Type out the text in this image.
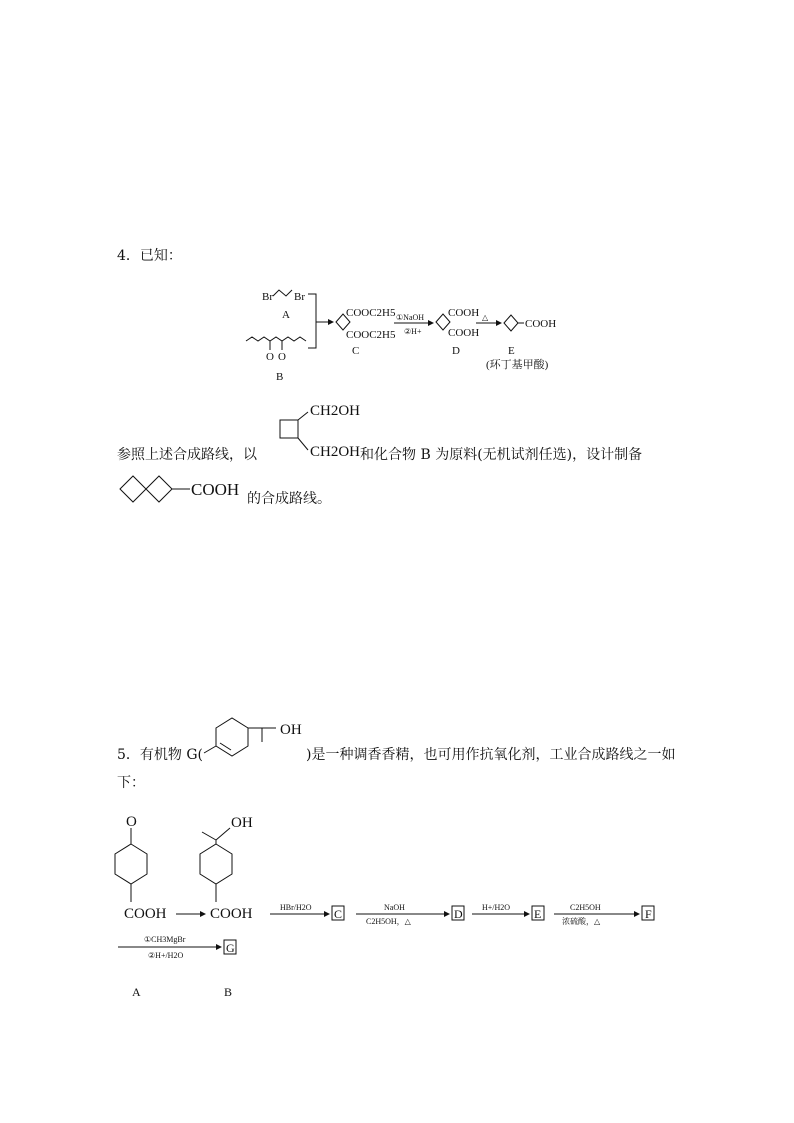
4．已知：
Br Br
A
O O
B
COOC2H5
COOC2H5
C
①NaOH
②H+
COOH
COOH
D
△
COOH
E
(环丁基甲酸)
CH2OH
CH2OH
参照上述合成路线，以	和化合物 B 为原料(无机试剂任选)，设计制备
COOH 的合成路线。
OH
5．有机物 G(	)是一种调香香精，也可用作抗氧化剂，工业合成路线之一如
下：
O
COOH
OH
COOH	HBr/H2O C	NaOH
C2H5OH，△
D H+/H2O E	C2H5OH
浓硫酸，△
F
①CH3MgBr
②H+/H2O
G
A	B
